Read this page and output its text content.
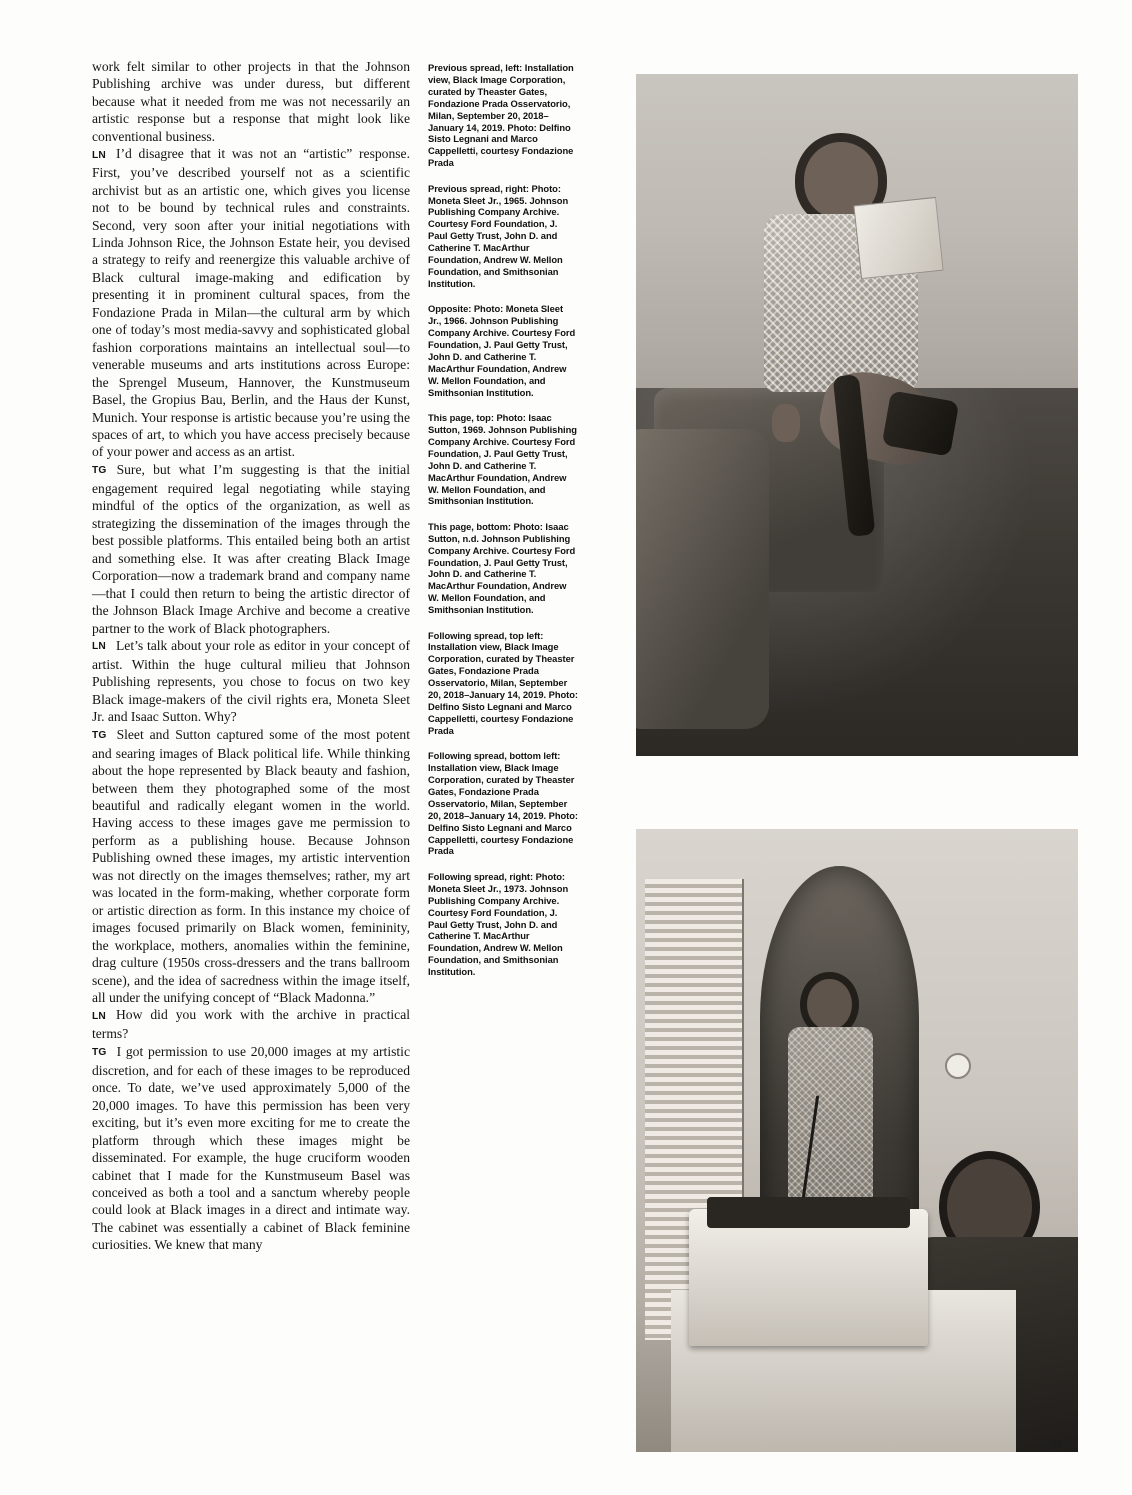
work felt similar to other projects in that the Johnson Publishing archive was under duress, but different because what it needed from me was not necessarily an artistic response but a response that might look like conventional business.

LN I’d disagree that it was not an “artistic” response. First, you’ve described yourself not as a scientific archivist but as an artistic one, which gives you license not to be bound by technical rules and constraints. Second, very soon after your initial negotiations with Linda Johnson Rice, the Johnson Estate heir, you devised a strategy to reify and reenergize this valuable archive of Black cultural image-making and edification by presenting it in prominent cultural spaces, from the Fondazione Prada in Milan—the cultural arm by which one of today’s most media-savvy and sophisticated global fashion corporations maintains an intellectual soul—to venerable museums and arts institutions across Europe: the Sprengel Museum, Hannover, the Kunstmuseum Basel, the Gropius Bau, Berlin, and the Haus der Kunst, Munich. Your response is artistic because you’re using the spaces of art, to which you have access precisely because of your power and access as an artist.

TG Sure, but what I’m suggesting is that the initial engagement required legal negotiating while staying mindful of the optics of the organization, as well as strategizing the dissemination of the images through the best possible platforms. This entailed being both an artist and something else. It was after creating Black Image Corporation—now a trademark brand and company name—that I could then return to being the artistic director of the Johnson Black Image Archive and become a creative partner to the work of Black photographers.

LN Let’s talk about your role as editor in your concept of artist. Within the huge cultural milieu that Johnson Publishing represents, you chose to focus on two key Black image-makers of the civil rights era, Moneta Sleet Jr. and Isaac Sutton. Why?

TG Sleet and Sutton captured some of the most potent and searing images of Black political life. While thinking about the hope represented by Black beauty and fashion, between them they photographed some of the most beautiful and radically elegant women in the world. Having access to these images gave me permission to perform as a publishing house. Because Johnson Publishing owned these images, my artistic intervention was not directly on the images themselves; rather, my art was located in the form-making, whether corporate form or artistic direction as form. In this instance my choice of images focused primarily on Black women, femininity, the workplace, mothers, anomalies within the feminine, drag culture (1950s cross-dressers and the trans ballroom scene), and the idea of sacredness within the image itself, all under the unifying concept of “Black Madonna.”

LN How did you work with the archive in practical terms?

TG I got permission to use 20,000 images at my artistic discretion, and for each of these images to be reproduced once. To date, we’ve used approximately 5,000 of the 20,000 images. To have this permission has been very exciting, but it’s even more exciting for me to create the platform through which these images might be disseminated. For example, the huge cruciform wooden cabinet that I made for the Kunstmuseum Basel was conceived as both a tool and a sanctum whereby people could look at Black images in a direct and intimate way. The cabinet was essentially a cabinet of Black feminine curiosities. We knew that many

Previous spread, left: Installation view, Black Image Corporation, curated by Theaster Gates, Fondazione Prada Osservatorio, Milan, September 20, 2018–January 14, 2019. Photo: Delfino Sisto Legnani and Marco Cappelletti, courtesy Fondazione Prada

Previous spread, right: Photo: Moneta Sleet Jr., 1965. Johnson Publishing Company Archive. Courtesy Ford Foundation, J. Paul Getty Trust, John D. and Catherine T. MacArthur Foundation, Andrew W. Mellon Foundation, and Smithsonian Institution.

Opposite: Photo: Moneta Sleet Jr., 1966. Johnson Publishing Company Archive. Courtesy Ford Foundation, J. Paul Getty Trust, John D. and Catherine T. MacArthur Foundation, Andrew W. Mellon Foundation, and Smithsonian Institution.

This page, top: Photo: Isaac Sutton, 1969. Johnson Publishing Company Archive. Courtesy Ford Foundation, J. Paul Getty Trust, John D. and Catherine T. MacArthur Foundation, Andrew W. Mellon Foundation, and Smithsonian Institution.

This page, bottom: Photo: Isaac Sutton, n.d. Johnson Publishing Company Archive. Courtesy Ford Foundation, J. Paul Getty Trust, John D. and Catherine T. MacArthur Foundation, Andrew W. Mellon Foundation, and Smithsonian Institution.

Following spread, top left: Installation view, Black Image Corporation, curated by Theaster Gates, Fondazione Prada Osservatorio, Milan, September 20, 2018–January 14, 2019. Photo: Delfino Sisto Legnani and Marco Cappelletti, courtesy Fondazione Prada

Following spread, bottom left: Installation view, Black Image Corporation, curated by Theaster Gates, Fondazione Prada Osservatorio, Milan, September 20, 2018–January 14, 2019. Photo: Delfino Sisto Legnani and Marco Cappelletti, courtesy Fondazione Prada

Following spread, right: Photo: Moneta Sleet Jr., 1973. Johnson Publishing Company Archive. Courtesy Ford Foundation, J. Paul Getty Trust, John D. and Catherine T. MacArthur Foundation, Andrew W. Mellon Foundation, and Smithsonian Institution.

37
